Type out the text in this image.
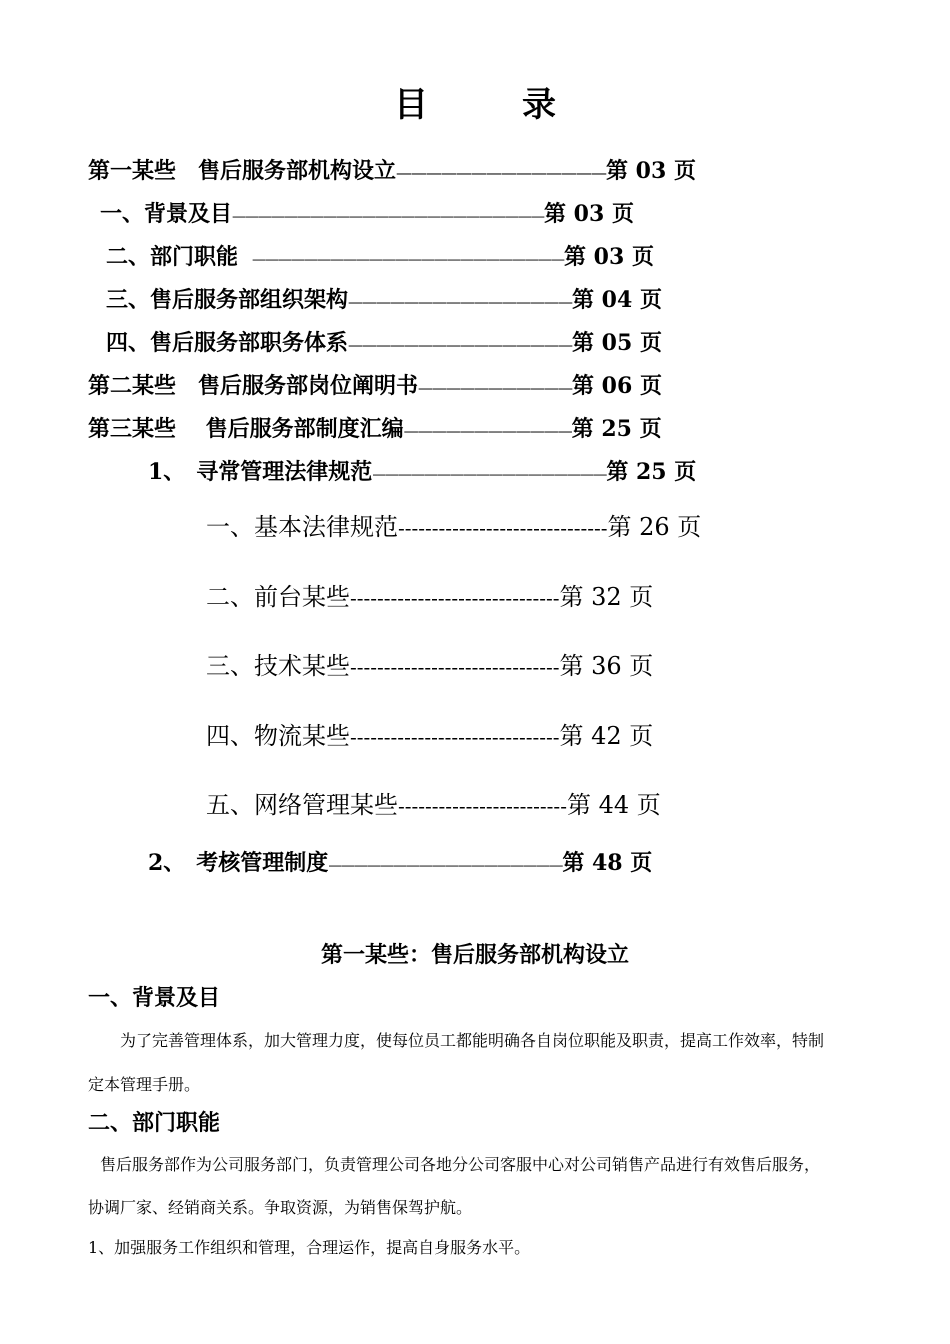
目　录
第一某些　售后服务部机构设立——————————————第 03 页
一、背景及目————————————————————————第 03 页
二、部门职能 ————————————————————————第 03 页
三、售后服务部组织架构————————————————第 04 页
四、售后服务部职务体系————————————————第 05 页
第二某些　售后服务部岗位阐明书———————————第 06 页
第三某些　 售后服务部制度汇编————————————第 25 页
1、　寻常管理法律规范——————————————————第 25 页
一、基本法律规范-------------------------------第 26 页
二、前台某些-------------------------------第 32 页
三、技术某些-------------------------------第 36 页
四、物流某些-------------------------------第 42 页
五、网络管理某些-------------------------第 44 页
2、　考核管理制度——————————————————第 48 页
第一某些：售后服务部机构设立
一、背景及目
为了完善管理体系，加大管理力度，使每位员工都能明确各自岗位职能及职责，提高工作效率，特制
定本管理手册。
二、部门职能
售后服务部作为公司服务部门，负责管理公司各地分公司客服中心对公司销售产品进行有效售后服务，
协调厂家、经销商关系。争取资源，为销售保驾护航。
1、加强服务工作组织和管理，合理运作，提高自身服务水平。
